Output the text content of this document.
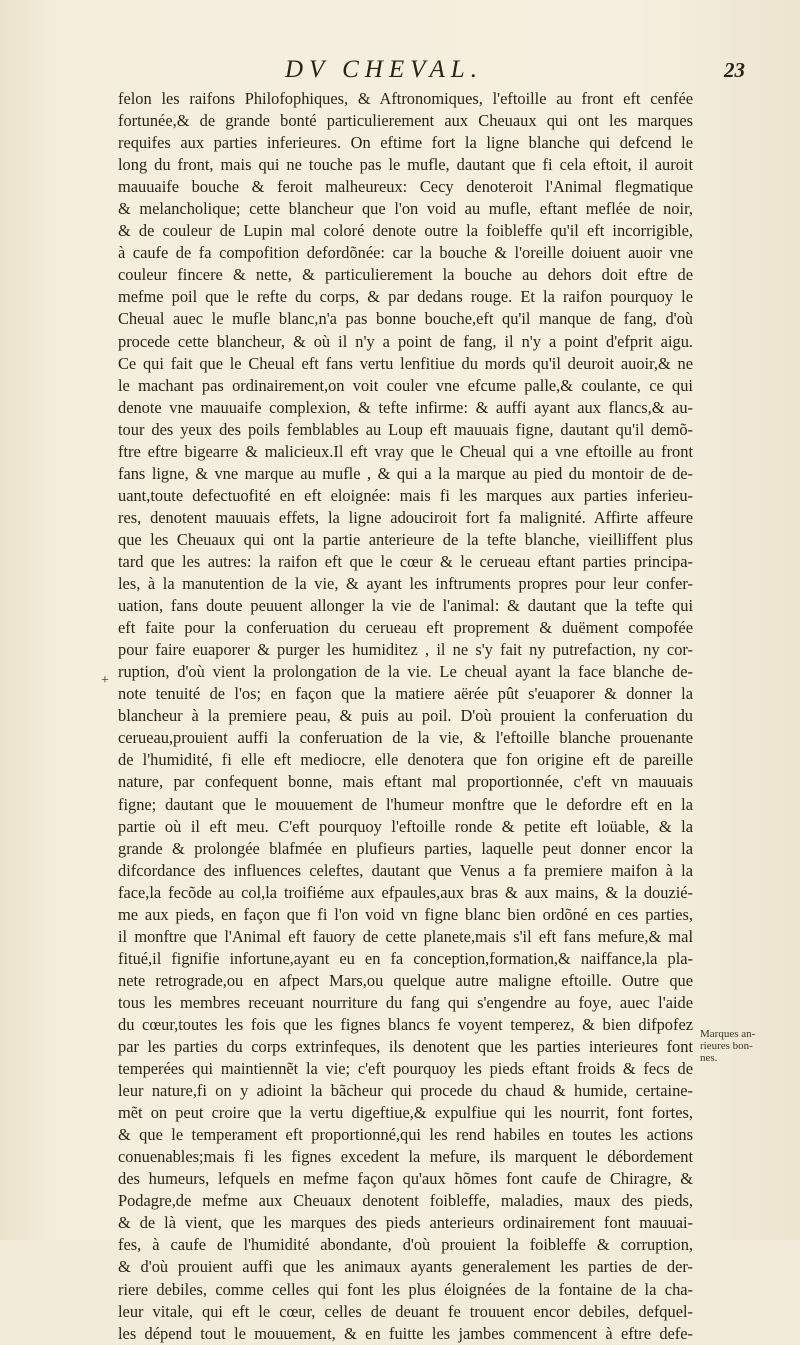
DV CHEVAL.	23
felon les raifons Philofophiques, & Aftronomiques, l'eftoille au front eft cenfée
fortunée,& de grande bonté particulierement aux Cheuaux qui ont les marques
requifes aux parties inferieures. On eftime fort la ligne blanche qui defcend le
long du front, mais qui ne touche pas le mufle, dautant que fi cela eftoit, il auroit
mauuaife bouche & feroit malheureux: Cecy denoteroit l'Animal flegmatique
& melancholique; cette blancheur que l'on void au mufle, eftant meflée de noir,
& de couleur de Lupin mal coloré denote outre la foibleffe qu'il eft incorrigible,
à caufe de fa compofition defordõnée: car la bouche & l'oreille doiuent auoir vne
couleur fincere & nette, & particulierement la bouche au dehors doit eftre de
mefme poil que le refte du corps, & par dedans rouge. Et la raifon pourquoy le
Cheual auec le mufle blanc,n'a pas bonne bouche,eft qu'il manque de fang, d'où
procede cette blancheur, & où il n'y a point de fang, il n'y a point d'efprit aigu.
Ce qui fait que le Cheual eft fans vertu lenfitiue du mords qu'il deuroit auoir,& ne
le machant pas ordinairement,on voit couler vne efcume palle,& coulante, ce qui
denote vne mauuaife complexion, & tefte infirme: & auffi ayant aux flancs,& au-
tour des yeux des poils femblables au Loup eft mauuais figne, dautant qu'il demõ-
ftre eftre bigearre & malicieux.Il eft vray que le Cheual qui a vne eftoille au front
fans ligne, & vne marque au mufle , & qui a la marque au pied du montoir de de-
uant,toute defectuofité en eft eloignée: mais fi les marques aux parties inferieu-
res, denotent mauuais effets, la ligne adouciroit fort fa malignité. Affirte affeure
que les Cheuaux qui ont la partie anterieure de la tefte blanche, vieilliffent plus
tard que les autres: la raifon eft que le cœur & le cerueau eftant parties principa-
les, à la manutention de la vie, & ayant les inftruments propres pour leur confer-
uation, fans doute peuuent allonger la vie de l'animal: & dautant que la tefte qui
eft faite pour la conferuation du cerueau eft proprement & duëment compofée
pour faire euaporer & purger les humiditez , il ne s'y fait ny putrefaction, ny cor-
ruption, d'où vient la prolongation de la vie. Le cheual ayant la face blanche de-
note tenuité de l'os; en façon que la matiere aërée pût s'euaporer & donner la
blancheur à la premiere peau, & puis au poil. D'où prouient la conferuation du
cerueau,prouient auffi la conferuation de la vie, & l'eftoille blanche prouenante
de l'humidité, fi elle eft mediocre, elle denotera que fon origine eft de pareille
nature, par confequent bonne, mais eftant mal proportionnée, c'eft vn mauuais
figne; dautant que le mouuement de l'humeur monftre que le defordre eft en la
partie où il eft meu. C'eft pourquoy l'eftoille ronde & petite eft loüable, & la
grande & prolongée blafmée en plufieurs parties, laquelle peut donner encor la
difcordance des influences celeftes, dautant que Venus a fa premiere maifon à la
face,la fecõde au col,la troifiéme aux efpaules,aux bras & aux mains, & la douzié-
me aux pieds, en façon que fi l'on void vn figne blanc bien ordõné en ces parties,
il monftre que l'Animal eft fauory de cette planete,mais s'il eft fans mefure,& mal
fitué,il fignifie infortune,ayant eu en fa conception,formation,& naiffance,la pla-
nete retrograde,ou en afpect Mars,ou quelque autre maligne eftoille. Outre que
tous les membres receuant nourriture du fang qui s'engendre au foye, auec l'aide
du cœur,toutes les fois que les fignes blancs fe voyent temperez, & bien difpofez
par les parties du corps extrinfeques, ils denotent que les parties interieures font
temperées qui maintiennẽt la vie; c'eft pourquoy les pieds eftant froids & fecs de
leur nature,fi on y adioint la bãcheur qui procede du chaud & humide, certaine-
mẽt on peut croire que la vertu digeftiue,& expulfiue qui les nourrit, font fortes,
& que le temperament eft proportionné,qui les rend habiles en toutes les actions
conuenables;mais fi les fignes excedent la mefure, ils marquent le débordement
des humeurs, lefquels en mefme façon qu'aux hõmes font caufe de Chiragre, &
Podagre,de mefme aux Cheuaux denotent foibleffe, maladies, maux des pieds,
& de là vient, que les marques des pieds anterieurs ordinairement font mauuai-
fes, à caufe de l'humidité abondante, d'où prouient la foibleffe & corruption,
& d'où prouient auffi que les animaux ayants generalement les parties de der-
riere debiles, comme celles qui font les plus éloignées de la fontaine de la cha-
leur vitale, qui eft le cœur, celles de deuant fe trouuent encor debiles, defquel-
les dépend tout le mouuement, & en fuitte les jambes commencent à eftre defe-
+
Marques an-
rieures bon-
nes.
